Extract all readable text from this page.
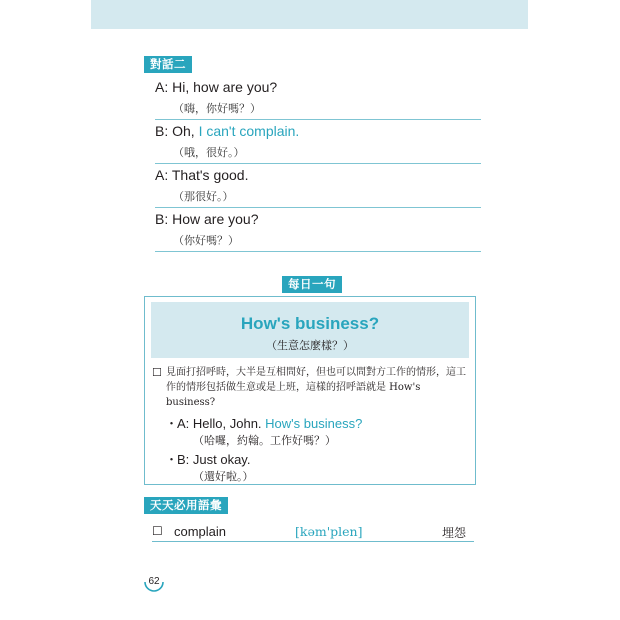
對話二
A: Hi, how are you?
（嗨，你好嗎？）
B: Oh, I can't complain.
（哦，很好。）
A: That's good.
（那很好。）
B: How are you?
（你好嗎？）
每日一句
How's business?
（生意怎麼樣？）
☐ 見面打招呼時，大半是互相問好，但也可以問對方工作的情形，這工作的情形包括做生意或是上班，這樣的招呼語就是 How's business?
・A: Hello, John. How's business?
（哈囉，約翰。工作好嗎？）
・B: Just okay.
（還好啦。）
天天必用語彙
☐ complain	[kəm'plen]	埋怨
62
